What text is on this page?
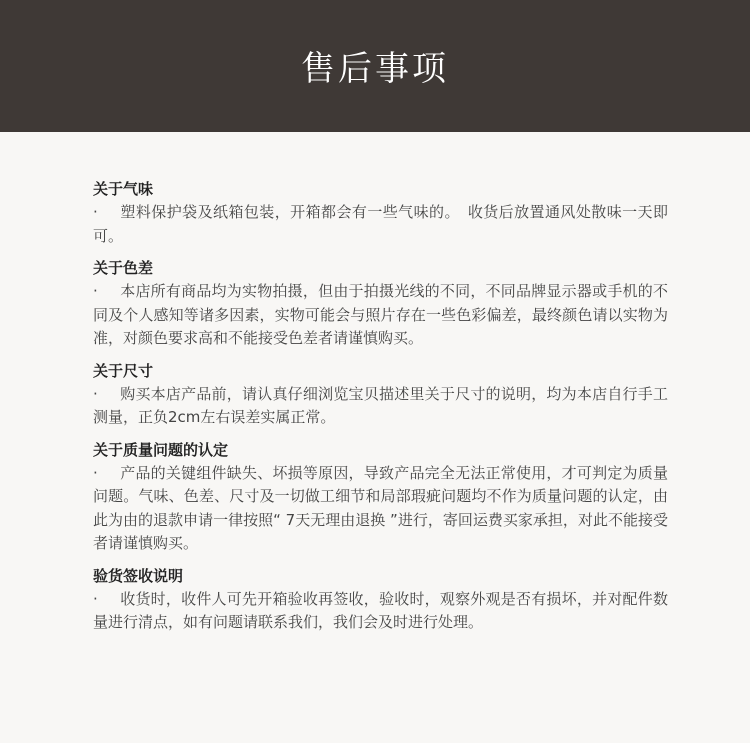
售后事项
关于气味
· 塑料保护袋及纸箱包装，开箱都会有一些气味的。　收货后放置通风处散味一天即可。
关于色差
· 本店所有商品均为实物拍摄，但由于拍摄光线的不同，不同品牌显示器或手机的不同及个人感知等诸多因素，实物可能会与照片存在一些色彩偏差，最终颜色请以实物为准，对颜色要求高和不能接受色差者请谨慎购买。
关于尺寸
· 购买本店产品前，请认真仔细浏览宝贝描述里关于尺寸的说明，均为本店自行手工测量，正负2cm左右误差实属正常。
关于质量问题的认定
· 产品的关键组件缺失、坏损等原因，导致产品完全无法正常使用，才可判定为质量问题。气味、色差、尺寸及一切做工细节和局部瑕疵问题均不作为质量问题的认定，由此为由的退款申请一律按照“ 7天无理由退换 ”进行，寄回运费买家承担，对此不能接受者请谨慎购买。
验货签收说明
· 收货时，收件人可先开箱验收再签收，验收时，观察外观是否有损坏，并对配件数量进行清点，如有问题请联系我们，我们会及时进行处理。
